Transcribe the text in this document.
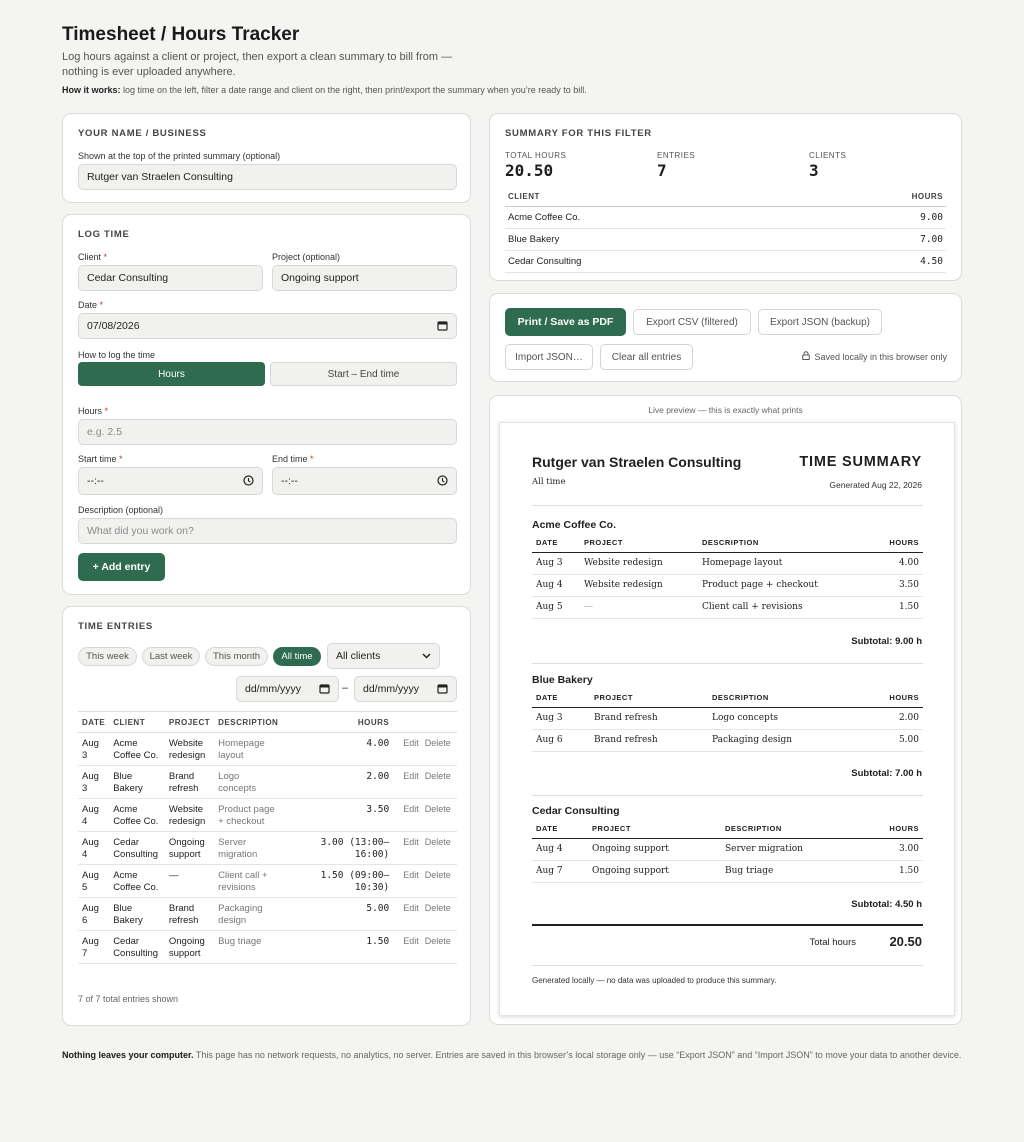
Timesheet / Hours Tracker
Log hours against a client or project, then export a clean summary to bill from — nothing is ever uploaded anywhere.
How it works: log time on the left, filter a date range and client on the right, then print/export the summary when you’re ready to bill.
YOUR NAME / BUSINESS
Shown at the top of the printed summary (optional)
Rutger van Straelen Consulting
LOG TIME
Client *
Cedar Consulting
Project (optional)
Ongoing support
Date *
07/08/2026
How to log the time
Hours	Start – End time
Hours *
e.g. 2.5
Start time *
--:--
End time *
--:--
Description (optional)
What did you work on?
+ Add entry
TIME ENTRIES
This week	Last week	This month	All time	All clients
dd/mm/yyyy	– dd/mm/yyyy
DATE	CLIENT	PROJECT	DESCRIPTION	HOURS	
Aug 3	Acme Coffee Co.	Website redesign	Homepage layout	4.00	Edit Delete
Aug 3	Blue Bakery	Brand refresh	Logo concepts	2.00	Edit Delete
Aug 4	Acme Coffee Co.	Website redesign	Product page + checkout	3.50	Edit Delete
Aug 4	Cedar Consulting	Ongoing support	Server migration	3.00 (13:00–16:00)	Edit Delete
Aug 5	Acme Coffee Co.	—	Client call + revisions	1.50 (09:00–10:30)	Edit Delete
Aug 6	Blue Bakery	Brand refresh	Packaging design	5.00	Edit Delete
Aug 7	Cedar Consulting	Ongoing support	Bug triage	1.50	Edit Delete
7 of 7 total entries shown
SUMMARY FOR THIS FILTER
TOTAL HOURS
20.50
ENTRIES
7
CLIENTS
3
CLIENT	HOURS
Acme Coffee Co.	9.00
Blue Bakery	7.00
Cedar Consulting	4.50
Print / Save as PDF	Export CSV (filtered)	Export JSON (backup)
Import JSON…	Clear all entries	Saved locally in this browser only
Live preview — this is exactly what prints
Rutger van Straelen Consulting
All time
TIME SUMMARY
Generated Aug 22, 2026
Acme Coffee Co.
DATE	PROJECT	DESCRIPTION	HOURS
Aug 3	Website redesign	Homepage layout	4.00
Aug 4	Website redesign	Product page + checkout	3.50
Aug 5	—	Client call + revisions	1.50
Subtotal: 9.00 h
Blue Bakery
DATE	PROJECT	DESCRIPTION	HOURS
Aug 3	Brand refresh	Logo concepts	2.00
Aug 6	Brand refresh	Packaging design	5.00
Subtotal: 7.00 h
Cedar Consulting
DATE	PROJECT	DESCRIPTION	HOURS
Aug 4	Ongoing support	Server migration	3.00
Aug 7	Ongoing support	Bug triage	1.50
Subtotal: 4.50 h
Total hours	20.50
Generated locally — no data was uploaded to produce this summary.
Nothing leaves your computer. This page has no network requests, no analytics, no server. Entries are saved in this browser’s local storage only — use “Export JSON” and “Import JSON” to move your data to another device.
